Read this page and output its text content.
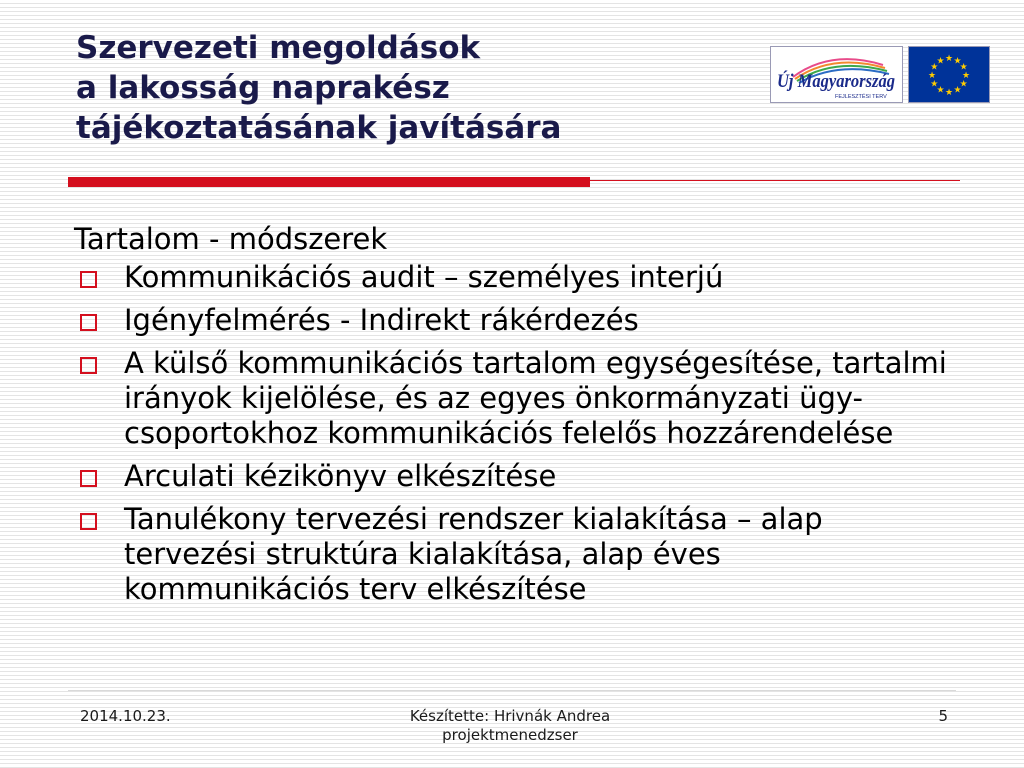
Szervezeti megoldások
a lakosság naprakész
tájékoztatásának javítására
Új Magyarország
FEJLESZTÉSI TERV
★ ★
★
★
★
★
★
★
★
★
★
★
Tartalom - módszerek
Kommunikációs audit – személyes interjú
Igényfelmérés - Indirekt rákérdezés
A külső kommunikációs tartalom egységesítése, tartalmi irányok kijelölése, és az egyes önkormányzati ügy-csoportokhoz kommunikációs felelős hozzárendelése
Arculati kézikönyv elkészítése
Tanulékony tervezési rendszer kialakítása – alap tervezési struktúra kialakítása, alap éves kommunikációs terv elkészítése
2014.10.23.	Készítette: Hrivnák Andrea
projektmenedzser
5
